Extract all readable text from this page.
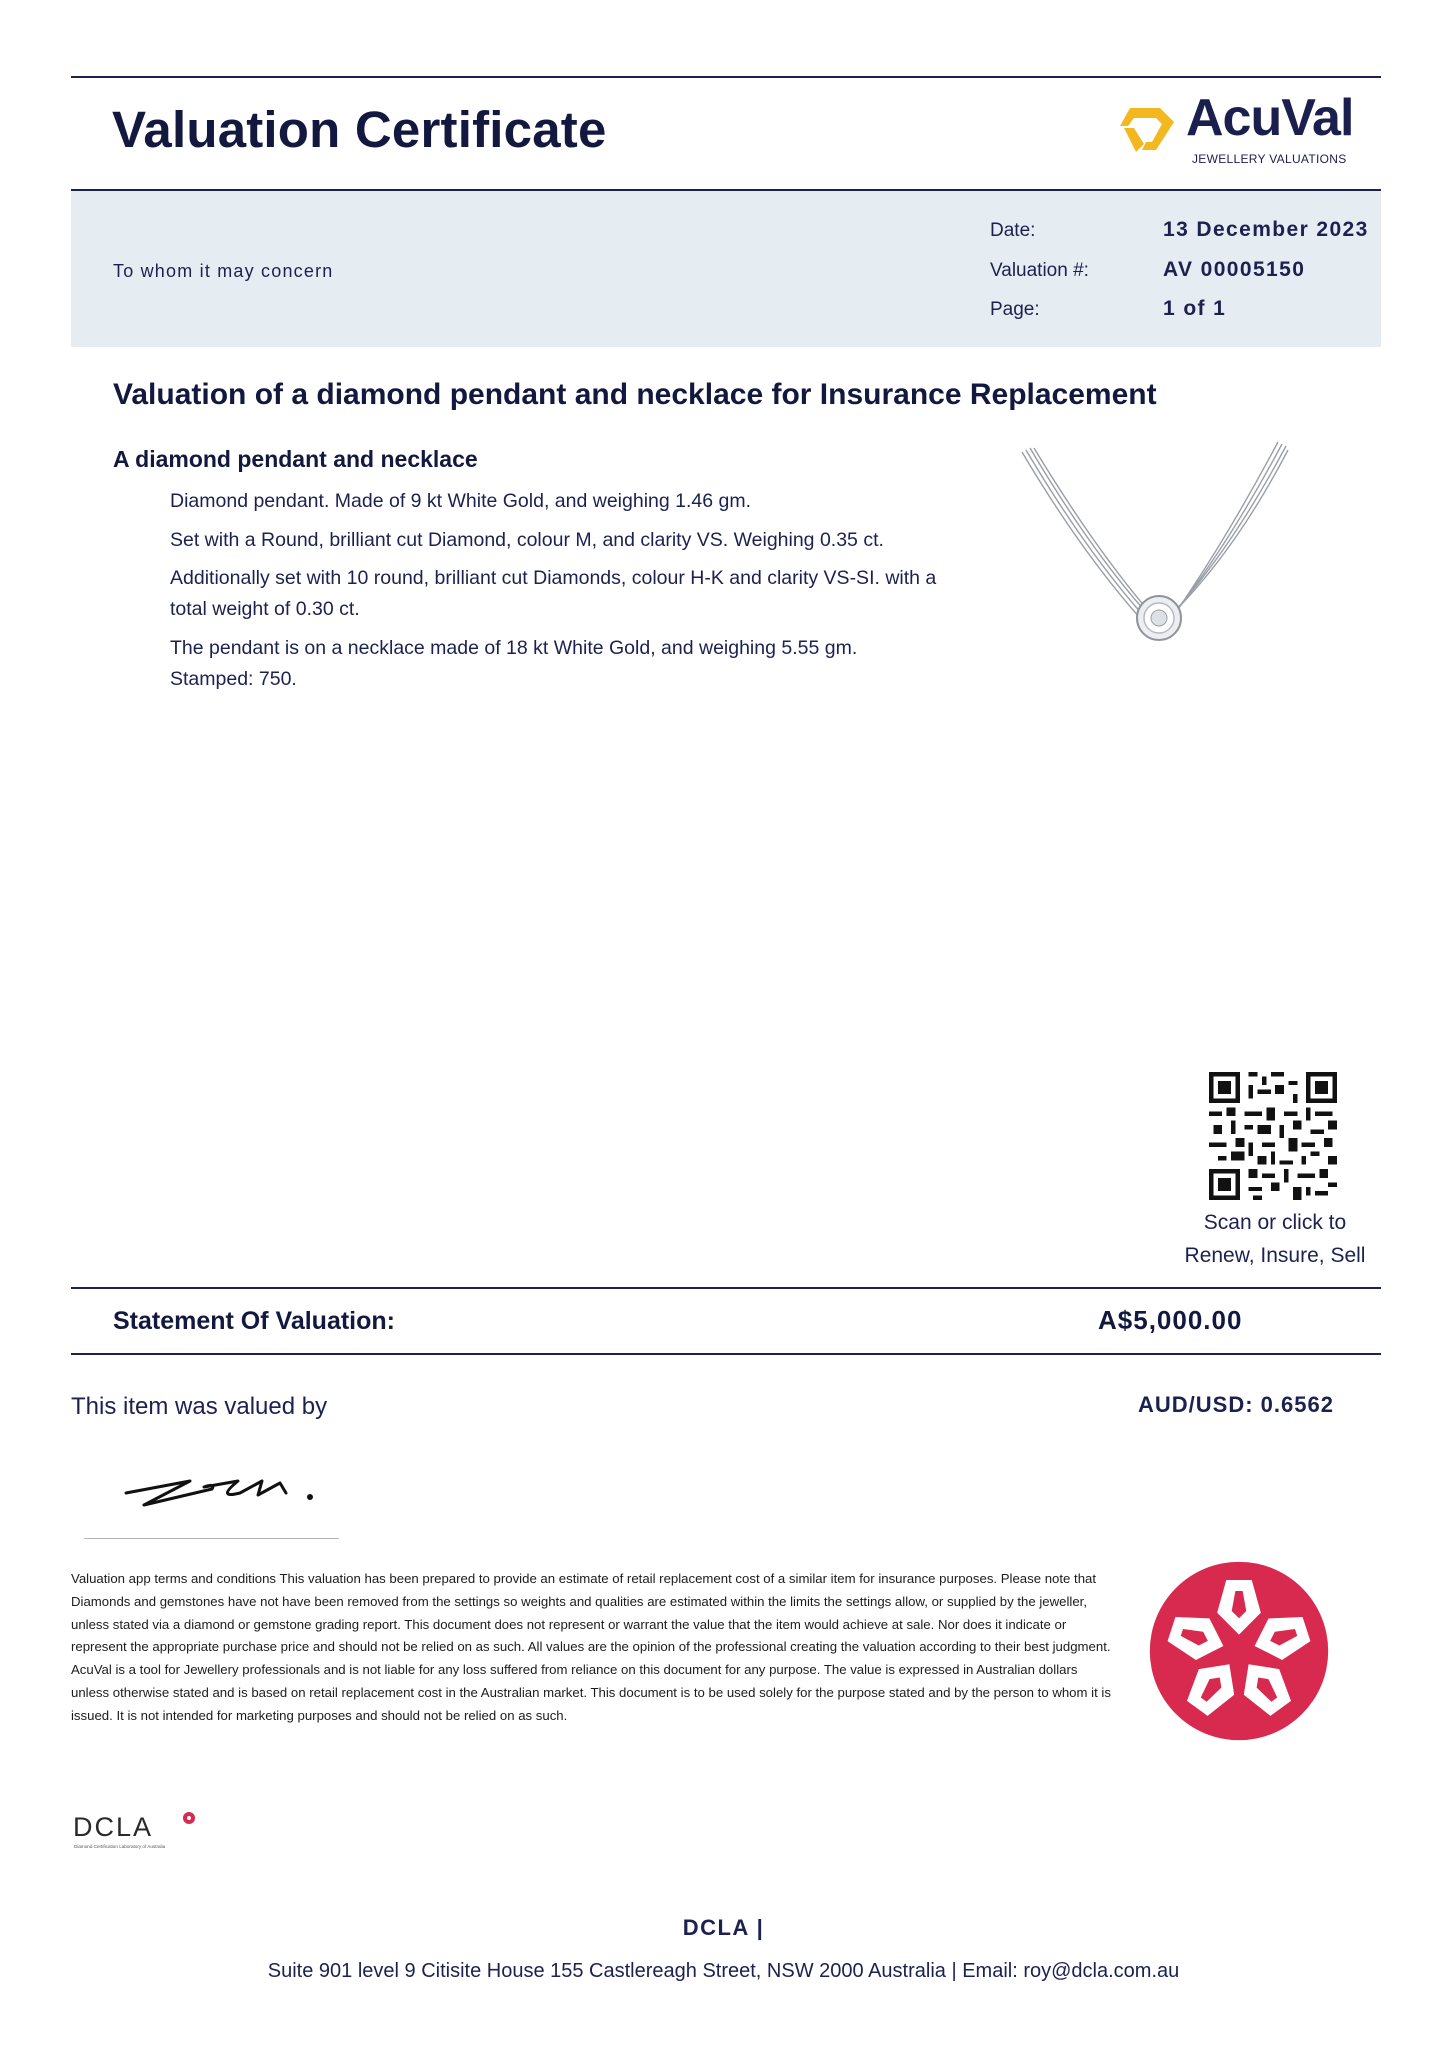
Valuation Certificate	AcuVal
JEWELLERY VALUATIONS
To whom it may concern
Date:	13 December 2023
Valuation #:	AV 00005150
Page:	1 of 1
Valuation of a diamond pendant and necklace for Insurance Replacement
A diamond pendant and necklace

Diamond pendant. Made of 9 kt White Gold, and weighing 1.46 gm.

Set with a Round, brilliant cut Diamond, colour M, and clarity VS. Weighing 0.35 ct.

Additionally set with 10 round, brilliant cut Diamonds, colour H-K and clarity VS-SI. with a total weight of 0.30 ct.

The pendant is on a necklace made of 18 kt White Gold, and weighing 5.55 gm. Stamped: 750.

Scan or click to
Renew, Insure, Sell
Statement Of Valuation:	A$5,000.00
This item was valued by	AUD/USD: 0.6562

Valuation app terms and conditions This valuation has been prepared to provide an estimate of retail replacement cost of a similar item for insurance purposes. Please note that Diamonds and gemstones have not have been removed from the settings so weights and qualities are estimated within the limits the settings allow, or supplied by the jeweller, unless stated via a diamond or gemstone grading report. This document does not represent or warrant the value that the item would achieve at sale. Nor does it indicate or represent the appropriate purchase price and should not be relied on as such. All values are the opinion of the professional creating the valuation according to their best judgment. AcuVal is a tool for Jewellery professionals and is not liable for any loss suffered from reliance on this document for any purpose. The value is expressed in Australian dollars unless otherwise stated and is based on retail replacement cost in the Australian market. This document is to be used solely for the purpose stated and by the person to whom it is issued. It is not intended for marketing purposes and should not be relied on as such.

DCLA
Diamond Certification Laboratory of Australia
DCLA |
Suite 901 level 9 Citisite House 155 Castlereagh Street, NSW 2000 Australia | Email: roy@dcla.com.au
